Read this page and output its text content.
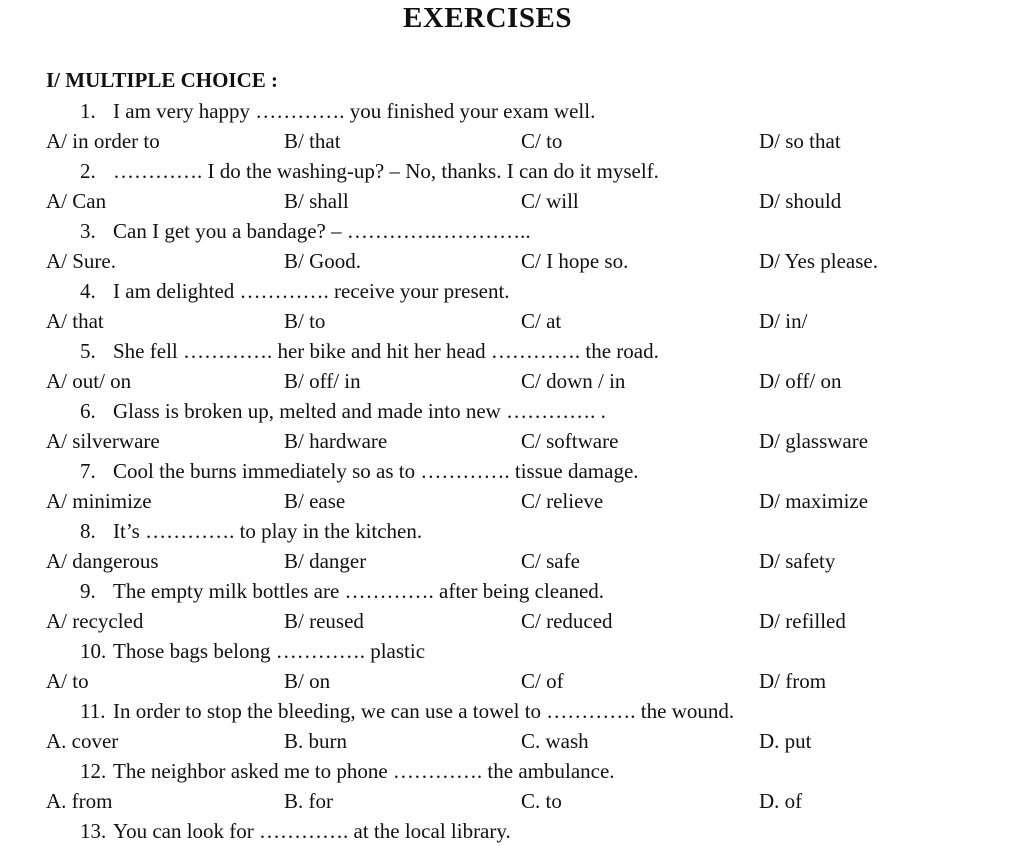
EXERCISES
I/ MULTIPLE CHOICE :
1. I am very happy …………. you finished your exam well.
A/ in order to	B/ that	C/ to	D/ so that
2. …………. I do the washing-up? – No, thanks. I can do it myself.
A/ Can	B/ shall	C/ will	D/ should
3. Can I get you a bandage? – ………….…………..
A/ Sure.	B/ Good.	C/ I hope so.	D/ Yes please.
4. I am delighted …………. receive your present.
A/ that	B/ to	C/ at	D/ in/
5. She fell …………. her bike and hit her head …………. the road.
A/ out/ on	B/ off/ in	C/ down / in	D/ off/ on
6. Glass is broken up, melted and made into new …………. .
A/ silverware	B/ hardware	C/ software	D/ glassware
7. Cool the burns immediately so as to …………. tissue damage.
A/ minimize	B/ ease	C/ relieve	D/ maximize
8. It’s …………. to play in the kitchen.
A/ dangerous	B/ danger	C/ safe	D/ safety
9. The empty milk bottles are …………. after being cleaned.
A/ recycled	B/ reused	C/ reduced	D/ refilled
10. Those bags belong …………. plastic
A/ to	B/ on	C/ of	D/ from
11. In order to stop the bleeding, we can use a towel to …………. the wound.
A. cover	B. burn	C. wash	D. put
12. The neighbor asked me to phone …………. the ambulance.
A. from	B. for	C. to	D. of
13. You can look for …………. at the local library.
